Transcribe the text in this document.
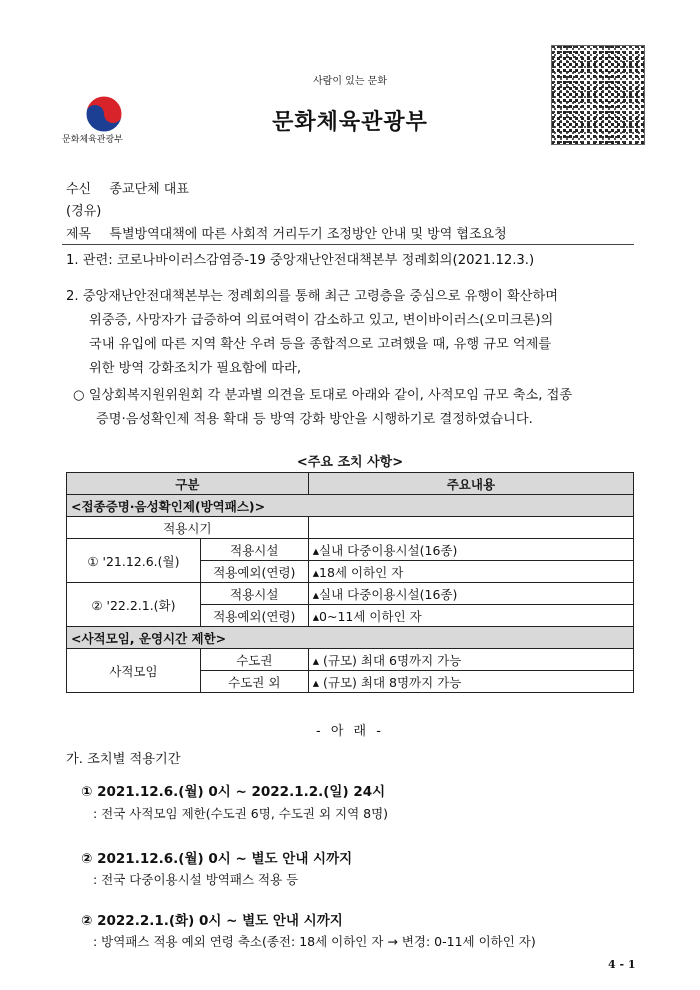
사람이 있는 문화
문화체육관광부
문화체육관광부
수신 종교단체 대표
(경유)
제목 특별방역대책에 따른 사회적 거리두기 조정방안 안내 및 방역 협조요청
1. 관련: 코로나바이러스감염증-19 중앙재난안전대책본부 정례회의(2021.12.3.)
2. 중앙재난안전대책본부는 정례회의를 통해 최근 고령층을 중심으로 유행이 확산하며
위중증, 사망자가 급증하여 의료여력이 감소하고 있고, 변이바이러스(오미크론)의
국내 유입에 따른 지역 확산 우려 등을 종합적으로 고려했을 때, 유행 규모 억제를
위한 방역 강화조치가 필요함에 따라,
○ 일상회복지원위원회 각 분과별 의견을 토대로 아래와 같이, 사적모임 규모 축소, 접종
증명·음성확인제 적용 확대 등 방역 강화 방안을 시행하기로 결정하였습니다.
<주요 조치 사항>
구분		주요내용
<접종증명·음성확인제(방역패스)>		
적용시기		
① '21.12.6.(월)	적용시설	▴실내 다중이용시설(16종)
	적용예외(연령)	▴18세 이하인 자
② '22.2.1.(화)	적용시설	▴실내 다중이용시설(16종)
	적용예외(연령)	▴0~11세 이하인 자
<사적모임, 운영시간 제한>		
사적모임	수도권	▴ (규모) 최대 6명까지 가능
	수도권 외	▴ (규모) 최대 8명까지 가능
- 아 래 -
가. 조치별 적용기간
① 2021.12.6.(월) 0시 ~ 2022.1.2.(일) 24시
: 전국 사적모임 제한(수도권 6명, 수도권 외 지역 8명)
② 2021.12.6.(월) 0시 ~ 별도 안내 시까지
: 전국 다중이용시설 방역패스 적용 등
② 2022.2.1.(화) 0시 ~ 별도 안내 시까지
: 방역패스 적용 예외 연령 축소(종전: 18세 이하인 자 → 변경: 0-11세 이하인 자)
4 - 1
